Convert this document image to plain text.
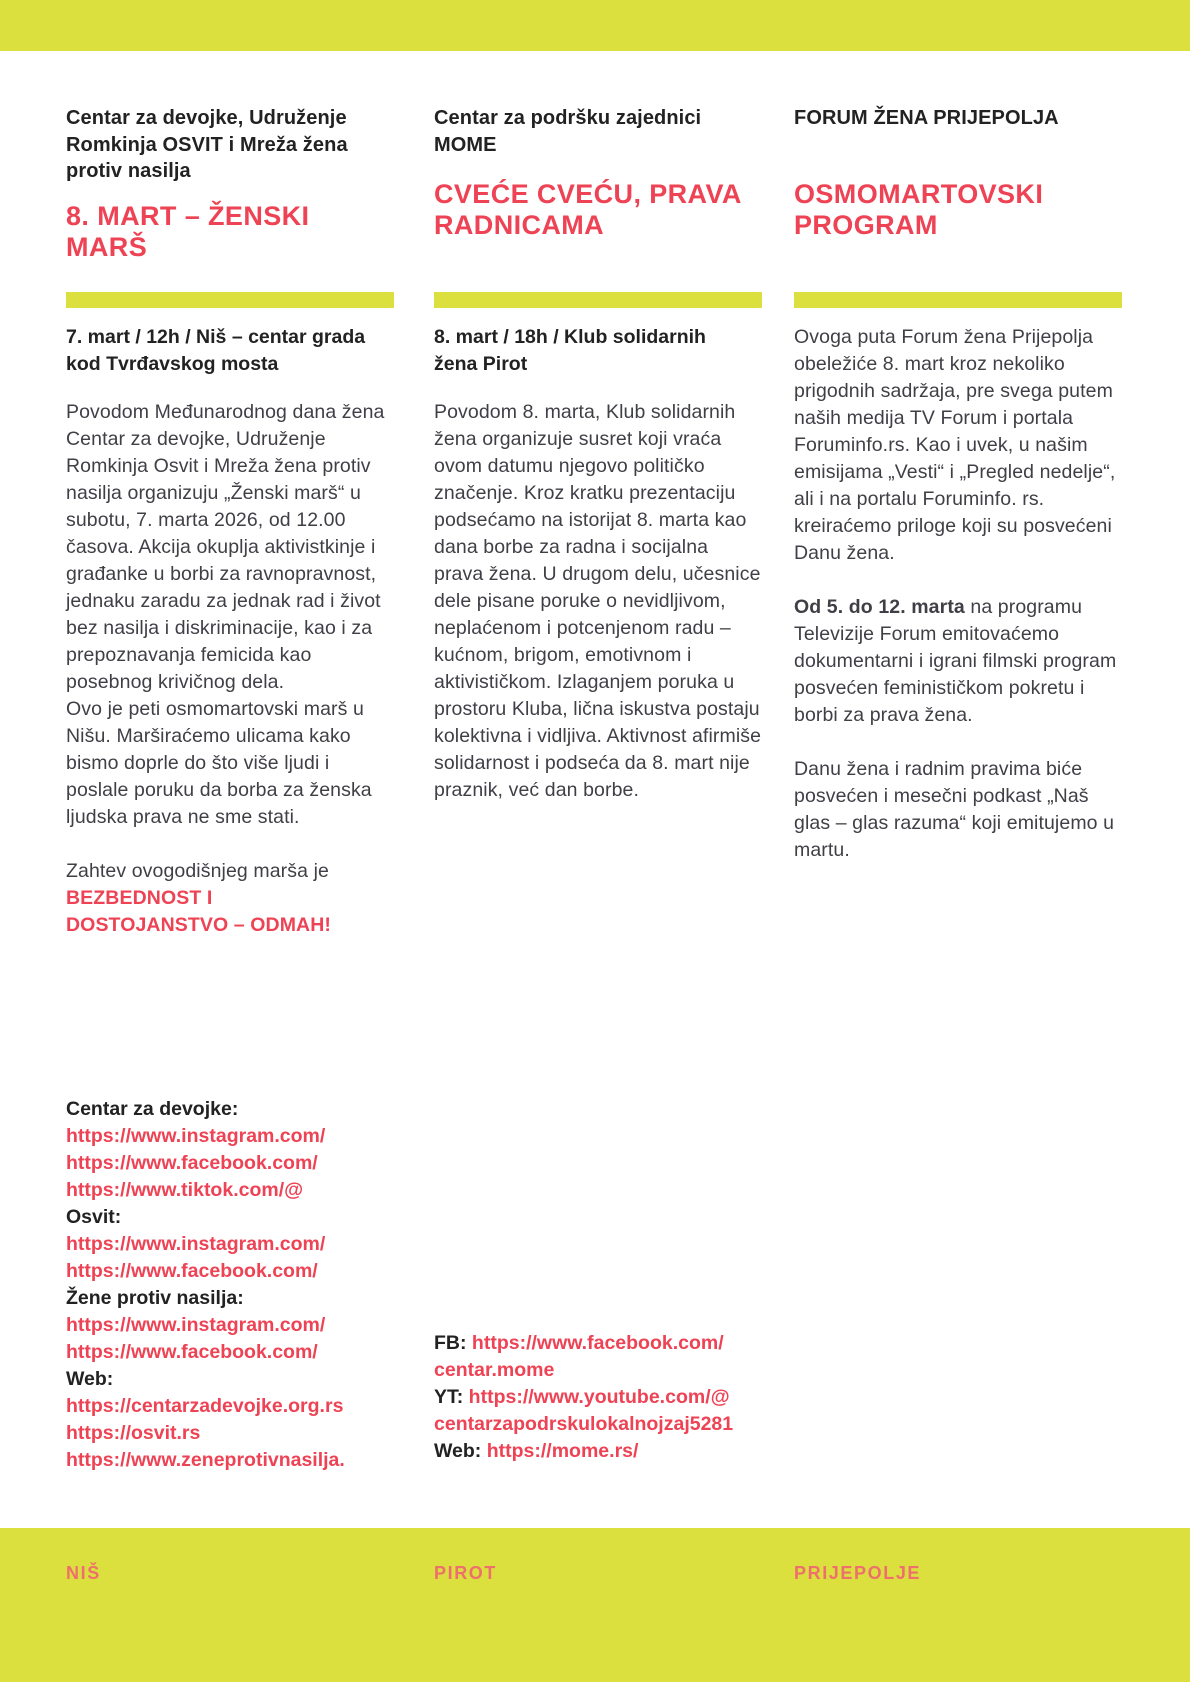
Centar za devojke, Udruženje Romkinja OSVIT i Mreža žena protiv nasilja
8. MART – ŽENSKI
MARŠ
7. mart / 12h / Niš – centar grada
kod Tvrđavskog mosta

Povodom Međunarodnog dana žena Centar za devojke, Udruženje Romkinja Osvit i Mreža žena protiv nasilja organizuju „Ženski marš“ u subotu, 7. marta 2026, od 12.00 časova. Akcija okuplja aktivistkinje i građanke u borbi za ravnopravnost, jednaku zaradu za jednak rad i život bez nasilja i diskriminacije, kao i za prepoznavanja femicida kao posebnog krivičnog dela.
Ovo je peti osmomartovski marš u Nišu. Marširaćemo ulicama kako bismo doprle do što više ljudi i poslale poruku da borba za ženska ljudska prava ne sme stati.

Zahtev ovogodišnjeg marša je
BEZBEDNOST I
DOSTOJANSTVO – ODMAH!

Centar za podršku zajednici MOME
CVEĆE CVEĆU, PRAVA
RADNICAMA
8. mart / 18h / Klub solidarnih
žena Pirot

Povodom 8. marta, Klub solidarnih žena organizuje susret koji vraća ovom datumu njegovo političko značenje. Kroz kratku prezentaciju podsećamo na istorijat 8. marta kao dana borbe za radna i socijalna prava žena. U drugom delu, učesnice dele pisane poruke o nevidljivom, neplaćenom i potcenjenom radu – kućnom, brigom, emotivnom i aktivističkom. Izlaganjem poruka u prostoru Kluba, lična iskustva postaju kolektivna i vidljiva. Aktivnost afirmiše solidarnost i podseća da 8. mart nije praznik, već dan borbe.

FORUM ŽENA PRIJEPOLJA
OSMOMARTOVSKI
PROGRAM

Ovoga puta Forum žena Prijepolja obeležiće 8. mart kroz nekoliko prigodnih sadržaja, pre svega putem naših medija TV Forum i portala Foruminfo.rs. Kao i uvek, u našim emisijama „Vesti“ i „Pregled nedelje“, ali i na portalu Foruminfo. rs. kreiraćemo priloge koji su posvećeni Danu žena.

Od 5. do 12. marta na programu Televizije Forum emitovaćemo dokumentarni i igrani filmski program posvećen feminističkom pokretu i borbi za prava žena.

Danu žena i radnim pravima biće posvećen i mesečni podkast „Naš glas – glas razuma“ koji emitujemo u martu.

Centar za devojke:
https://www.instagram.com/
https://www.facebook.com/
https://www.tiktok.com/@
Osvit:
https://www.instagram.com/
https://www.facebook.com/
Žene protiv nasilja:
https://www.instagram.com/
https://www.facebook.com/
Web:
https://centarzadevojke.org.rs
https://osvit.rs
https://www.zeneprotivnasilja.
FB: https://www.facebook.com/
centar.mome
YT: https://www.youtube.com/@
centarzapodrskulokalnojzaj5281
Web: https://mome.rs/
NIŠ	PIROT	PRIJEPOLJE
